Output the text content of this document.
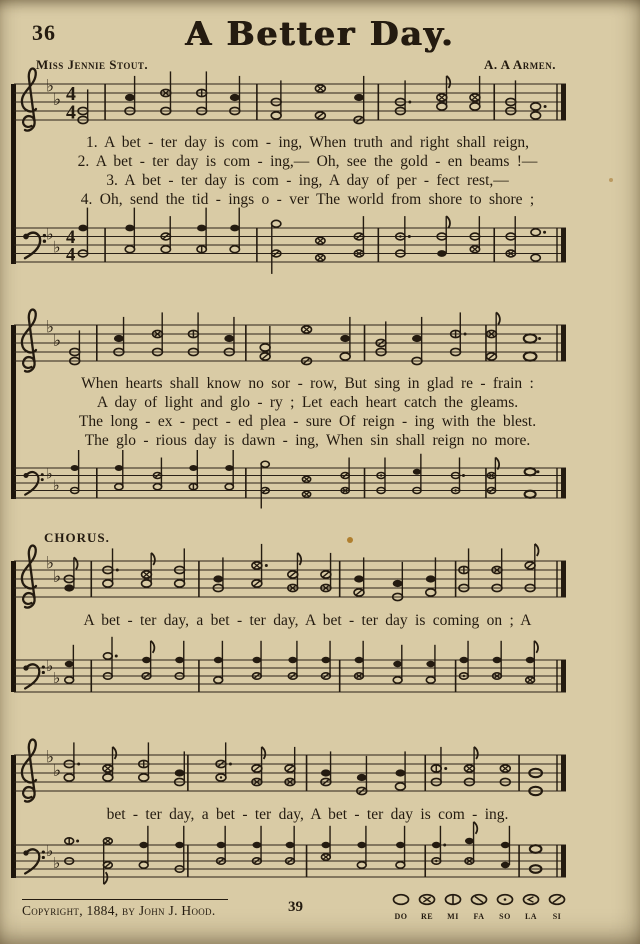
36	A Better Day.
Miss Jennie Stout.	A. A Armen.
1. A bet - ter day is com - ing, When truth and right shall reign,
2. A bet - ter day is com - ing,— Oh, see the gold - en beams !—
3. A bet - ter day is com - ing, A day of per - fect rest,—
4. Oh, send the tid - ings o - ver The world from shore to shore ;
When hearts shall know no sor - row, But sing in glad re - frain :
A day of light and glo - ry ; Let each heart catch the gleams.
The long - ex - pect - ed plea - sure Of reign - ing with the blest.
The glo - rious day is dawn - ing, When sin shall reign no more.
CHORUS.
A bet - ter day, a bet - ter day, A bet - ter day is coming on ; A
bet - ter day, a bet - ter day, A bet - ter day is com - ing.
♭
♭ 4
4
♭
♭ 4
4
♭
♭
♭
♭
♭
♭
♭
♭
♭
♭
♭
♭
Copyright, 1884, by John J. Hood.	39
DO	RE	MI	FA	SO	LA	SI
